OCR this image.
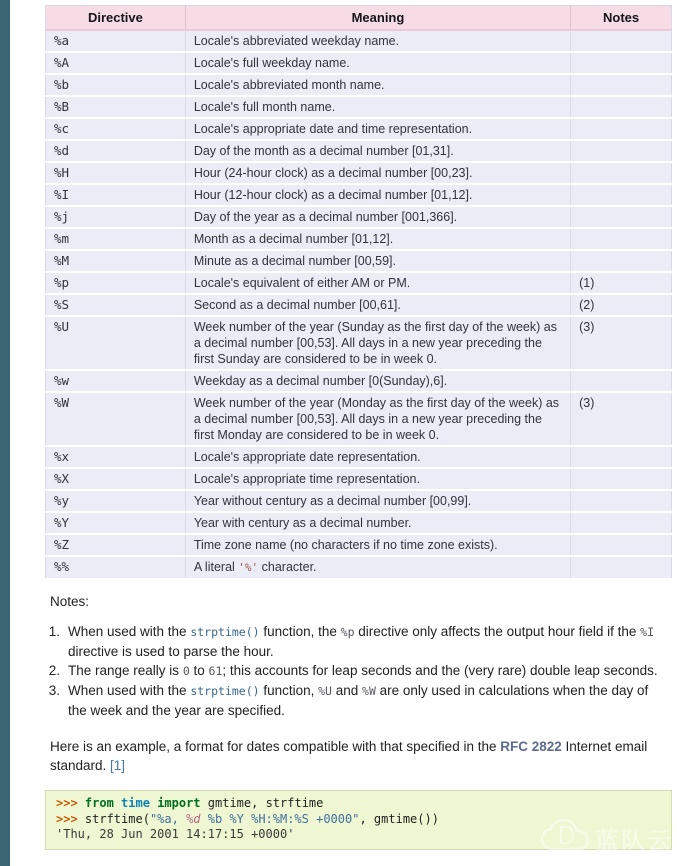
Directive	Meaning	Notes
%a	Locale's abbreviated weekday name.	
%A	Locale's full weekday name.	
%b	Locale's abbreviated month name.	
%B	Locale's full month name.	
%c	Locale's appropriate date and time representation.	
%d	Day of the month as a decimal number [01,31].	
%H	Hour (24-hour clock) as a decimal number [00,23].	
%I	Hour (12-hour clock) as a decimal number [01,12].	
%j	Day of the year as a decimal number [001,366].	
%m	Month as a decimal number [01,12].	
%M	Minute as a decimal number [00,59].	
%p	Locale's equivalent of either AM or PM.	(1)
%S	Second as a decimal number [00,61].	(2)
%U	Week number of the year (Sunday as the first day of the week) as a decimal number [00,53]. All days in a new year preceding the first Sunday are considered to be in week 0.	(3)
%w	Weekday as a decimal number [0(Sunday),6].	
%W	Week number of the year (Monday as the first day of the week) as a decimal number [00,53]. All days in a new year preceding the first Monday are considered to be in week 0.	(3)
%x	Locale's appropriate date representation.	
%X	Locale's appropriate time representation.	
%y	Year without century as a decimal number [00,99].	
%Y	Year with century as a decimal number.	
%Z	Time zone name (no characters if no time zone exists).	
%%	A literal '%' character.	
Notes:
1. When used with the strptime() function, the %p directive only affects the output hour field if the %I directive is used to parse the hour.
2. The range really is 0 to 61; this accounts for leap seconds and the (very rare) double leap seconds.
3. When used with the strptime() function, %U and %W are only used in calculations when the day of the week and the year are specified.

Here is an example, a format for dates compatible with that specified in the RFC 2822 Internet email standard. [1]

>>> from time import gmtime, strftime
>>> strftime("%a, %d %b %Y %H:%M:%S +0000", gmtime())
'Thu, 28 Jun 2001 14:17:15 +0000'	蓝队云
